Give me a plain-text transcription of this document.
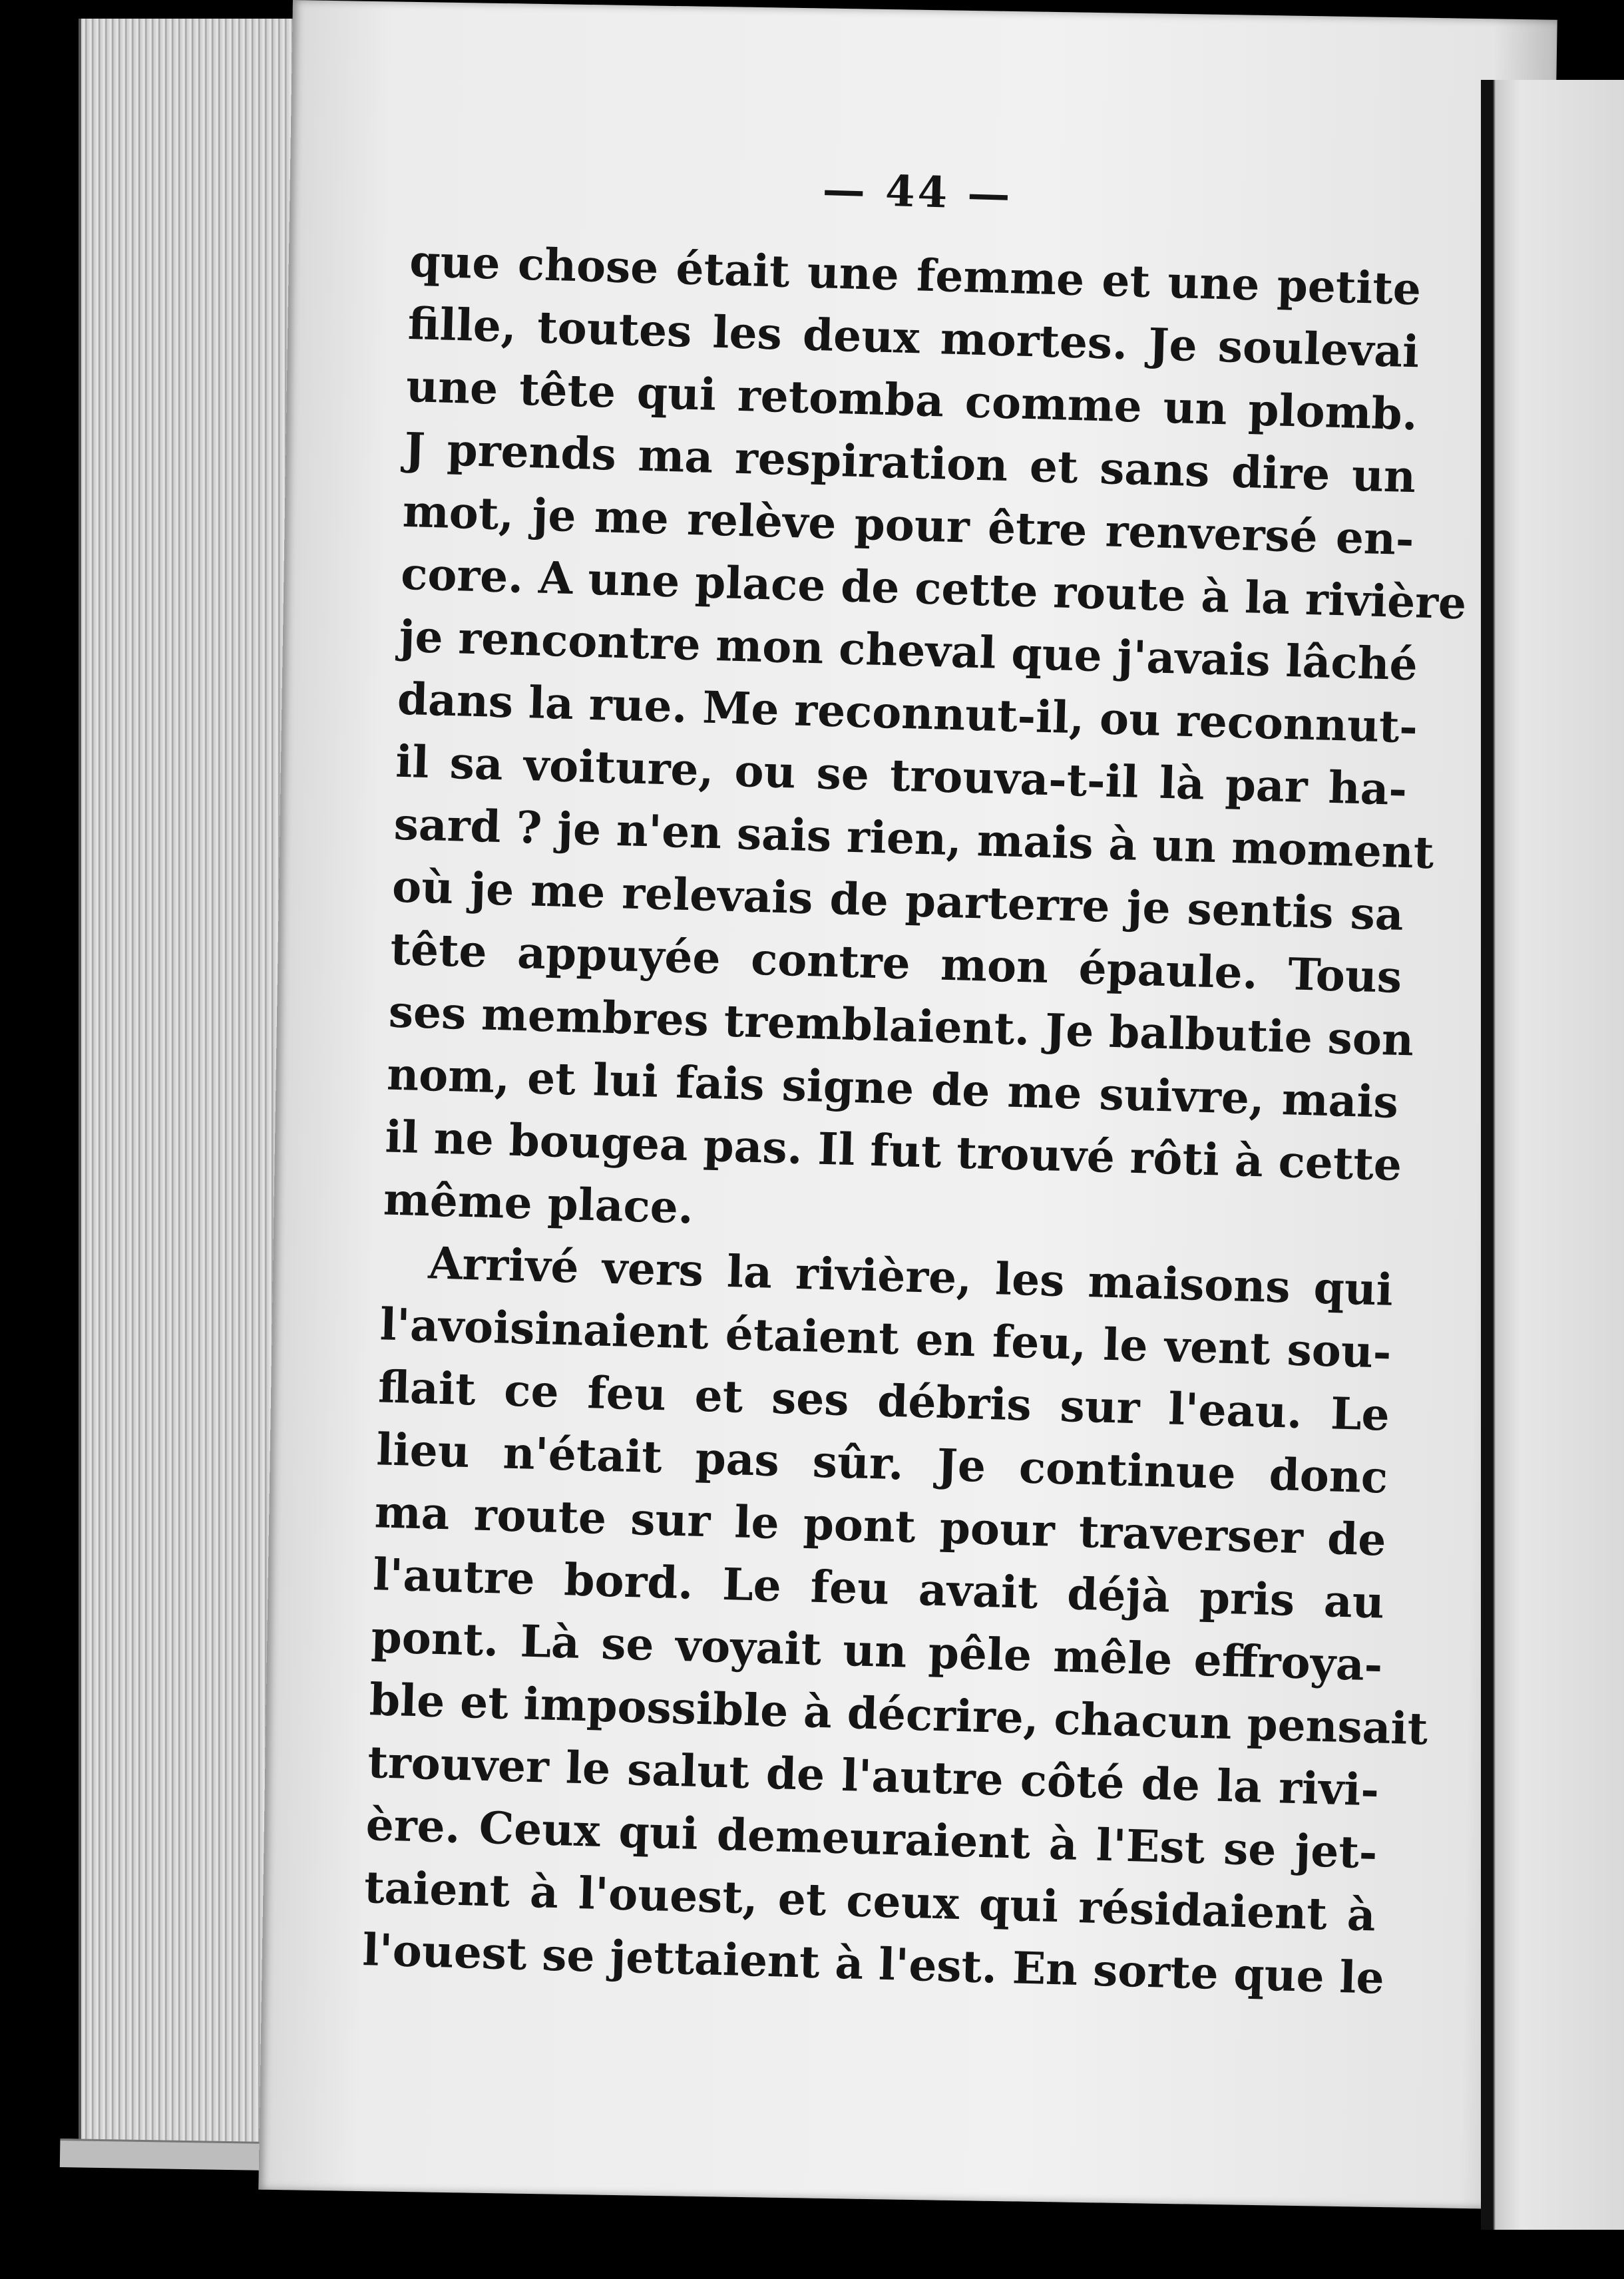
— 44 —
que chose était une femme et une petite
fille, toutes les deux mortes. Je soulevai
une tête qui retomba comme un plomb.
J prends ma respiration et sans dire un
mot, je me relève pour être renversé en-
core. A une place de cette route à la rivière
je rencontre mon cheval que j'avais lâché
dans la rue. Me reconnut-il, ou reconnut-
il sa voiture, ou se trouva-t-il là par ha-
sard ? je n'en sais rien, mais à un moment
où je me relevais de parterre je sentis sa
tête appuyée contre mon épaule. Tous
ses membres tremblaient. Je balbutie son
nom, et lui fais signe de me suivre, mais
il ne bougea pas. Il fut trouvé rôti à cette
même place.
Arrivé vers la rivière, les maisons qui
l'avoisinaient étaient en feu, le vent sou-
flait ce feu et ses débris sur l'eau. Le
lieu n'était pas sûr. Je continue donc
ma route sur le pont pour traverser de
l'autre bord. Le feu avait déjà pris au
pont. Là se voyait un pêle mêle effroya-
ble et impossible à décrire, chacun pensait
trouver le salut de l'autre côté de la rivi-
ère. Ceux qui demeuraient à l'Est se jet-
taient à l'ouest, et ceux qui résidaient à
l'ouest se jettaient à l'est. En sorte que le
